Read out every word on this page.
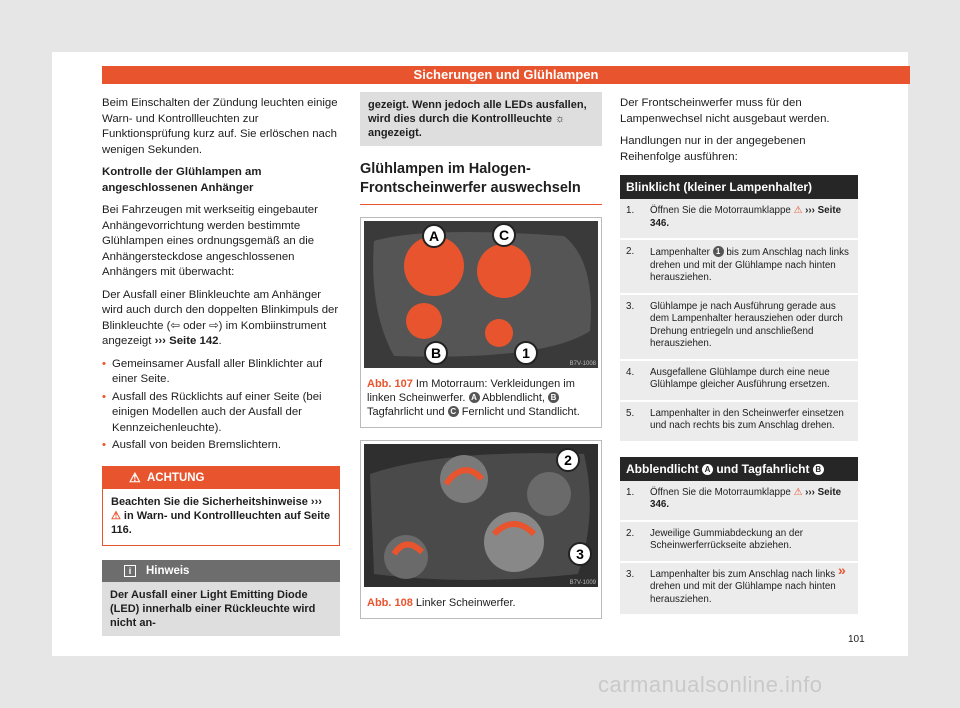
Sicherungen und Glühlampen

Beim Einschalten der Zündung leuchten einige Warn- und Kontrollleuchten zur Funktionsprüfung kurz auf. Sie erlöschen nach wenigen Sekunden.

Kontrolle der Glühlampen am angeschlossenen Anhänger

Bei Fahrzeugen mit werkseitig eingebauter Anhängevorrichtung werden bestimmte Glühlampen eines ordnungsgemäß an die Anhängersteckdose angeschlossenen Anhängers mit überwacht:

Der Ausfall einer Blinkleuchte am Anhänger wird auch durch den doppelten Blinkimpuls der Blinkleuchte (⇦ oder ⇨) im Kombiinstrument angezeigt ››› Seite 142.

• Gemeinsamer Ausfall aller Blinklichter auf einer Seite.
• Ausfall des Rücklichts auf einer Seite (bei einigen Modellen auch der Ausfall der Kennzeichenleuchte).
• Ausfall von beiden Bremslichtern.
⚠ ACHTUNG
Beachten Sie die Sicherheitshinweise ››› ⚠ in Warn- und Kontrollleuchten auf Seite 116.
i	Hinweis
Der Ausfall einer Light Emitting Diode (LED) innerhalb einer Rückleuchte wird nicht an-
gezeigt. Wenn jedoch alle LEDs ausfallen, wird dies durch die Kontrollleuchte ☼ angezeigt.
Glühlampen im Halogen-Frontscheinwerfer auswechseln
A	C
B	1
B7V-1008
Abb. 107 Im Motorraum: Verkleidungen im linken Scheinwerfer. A Abblendlicht, B Tagfahrlicht und C Fernlicht und Standlicht.
2
3
B7V-1009
Abb. 108 Linker Scheinwerfer.

Der Frontscheinwerfer muss für den Lampenwechsel nicht ausgebaut werden.

Handlungen nur in der angegebenen Reihenfolge ausführen:

Blinklicht (kleiner Lampenhalter)
1.	Öffnen Sie die Motorraumklappe ⚠ ››› Seite 346.
2.	Lampenhalter 1 bis zum Anschlag nach links drehen und mit der Glühlampe nach hinten herausziehen.
3.	Glühlampe je nach Ausführung gerade aus dem Lampenhalter herausziehen oder durch Drehung entriegeln und anschließend herausziehen.
4.	Ausgefallene Glühlampe durch eine neue Glühlampe gleicher Ausführung ersetzen.
5.	Lampenhalter in den Scheinwerfer einsetzen und nach rechts bis zum Anschlag drehen.
Abblendlicht A und Tagfahrlicht B
1.	Öffnen Sie die Motorraumklappe ⚠ ››› Seite 346.
2.	Jeweilige Gummiabdeckung an der Scheinwerferrückseite abziehen.
3.	Lampenhalter bis zum Anschlag nach links drehen und mit der Glühlampe nach hinten herausziehen.
»
101
carmanualsonline.info
